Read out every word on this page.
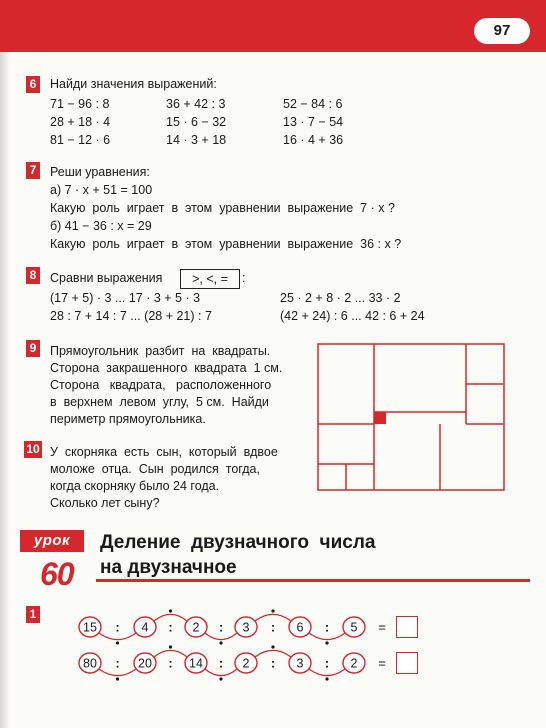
97
6 Найди значения выражений:
71 − 96 : 8	36 + 42 : 3	52 − 84 : 6
28 + 18 · 4	15 · 6 − 32	13 · 7 − 54
81 − 12 · 6	14 · 3 + 18	16 · 4 + 36
7 Реши уравнения:
а) 7 · x + 51 = 100
Какую  роль  играет  в  этом  уравнении  выражение  7 · x ?
б) 41 − 36 : x = 29
Какую  роль  играет  в  этом  уравнении  выражение  36 : x ?
8 Сравни выражения	>, <, =	:
(17 + 5) · 3 ... 17 · 3 + 5 · 3	25 · 2 + 8 · 2 ... 33 · 2
28 : 7 + 14 : 7 ... (28 + 21) : 7	(42 + 24) : 6 ... 42 : 6 + 24
9 Прямоугольник  разбит  на  квадраты.
Сторона  закрашенного  квадрата  1 см.
Сторона   квадрата,   расположенного
в  верхнем  левом  углу,  5 см.  Найди
периметр прямоугольника.
10 У  скорняка  есть  сын,  который  вдвое
моложе  отца.  Сын  родился  тогда,
когда скорняку было 24 года.
Сколько лет сыну?
урок
60
Деление  двузначного  числа
на двузначное
1
15 : 4 : 2 : 3 : 6 : 5 =
80 : 20 : 14 : 2 : 3 : 2 =
